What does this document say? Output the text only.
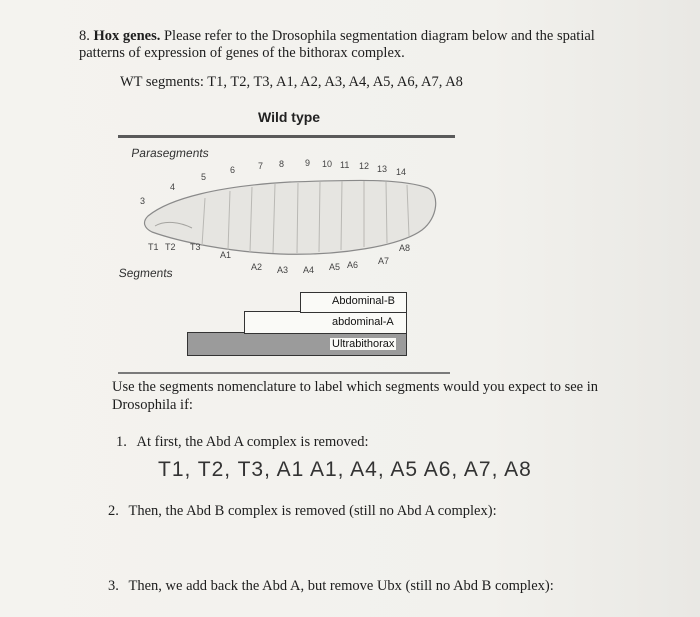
8. Hox genes. Please refer to the Drosophila segmentation diagram below and the spatial
patterns of expression of genes of the bithorax complex.
WT segments: T1, T2, T3, A1, A2, A3, A4, A5, A6, A7, A8
Wild type
Parasegments
3
4
5
6	7 8 9 10 11 12 13 14
T1 T2 T3
A1
A2 A3 A4 A5 A6 A7
A8
Segments
Abdominal-B
abdominal-A
Ultrabithorax
Use the segments nomenclature to label which segments would you expect to see in
Drosophila if:
1. At first, the Abd A complex is removed:
T1, T2, T3, A1 A1, A4, A5 A6, A7, A8
2. Then, the Abd B complex is removed (still no Abd A complex):
3. Then, we add back the Abd A, but remove Ubx (still no Abd B complex):
